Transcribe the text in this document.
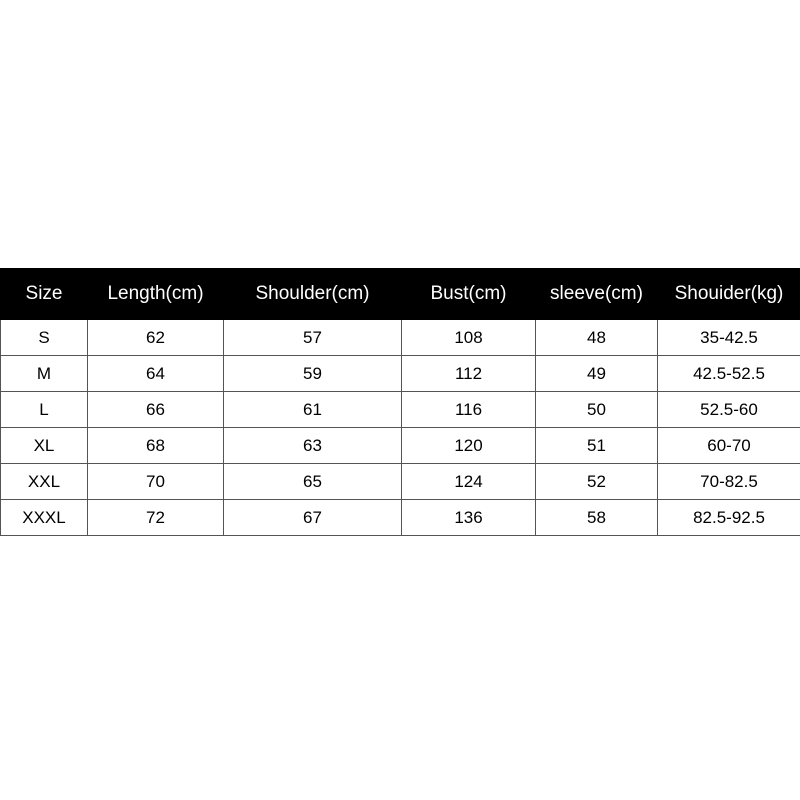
Size	Length(cm)	Shoulder(cm)	Bust(cm)	sleeve(cm)	Shouider(kg)
S	62	57	108	48	35-42.5
M	64	59	112	49	42.5-52.5
L	66	61	116	50	52.5-60
XL	68	63	120	51	60-70
XXL	70	65	124	52	70-82.5
XXXL	72	67	136	58	82.5-92.5
